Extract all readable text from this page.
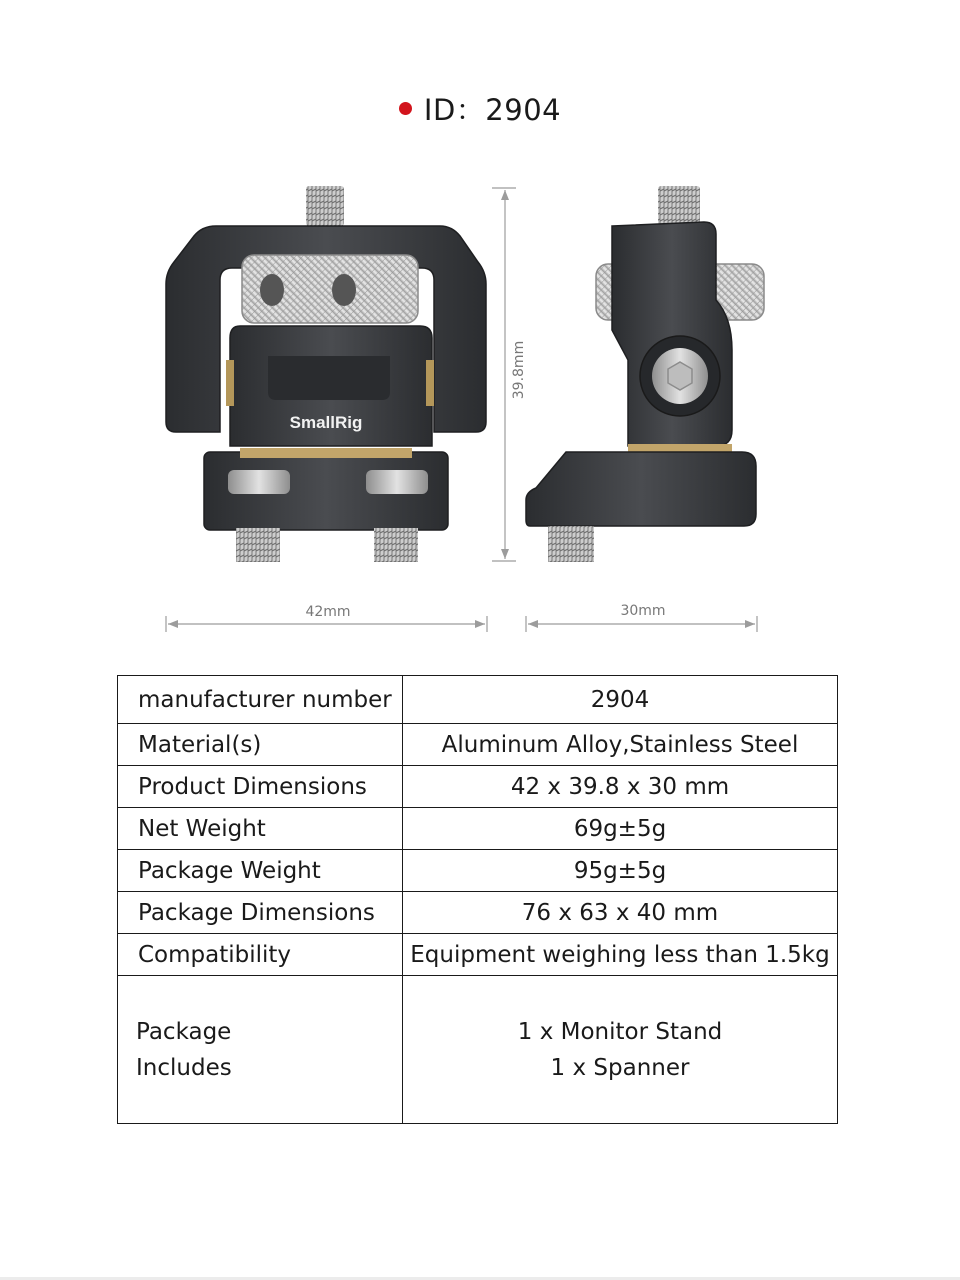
ID：2904
SmallRig
39.8mm
42mm	30mm
manufacturer number	2904
Material(s)	Aluminum Alloy,Stainless Steel
Product Dimensions	42 x 39.8 x 30 mm
Net Weight	69g±5g
Package Weight	95g±5g
Package Dimensions	76 x 63 x 40 mm
Compatibility	Equipment weighing less than 1.5kg

Package
Includes	1 x Monitor Stand
1 x Spanner
